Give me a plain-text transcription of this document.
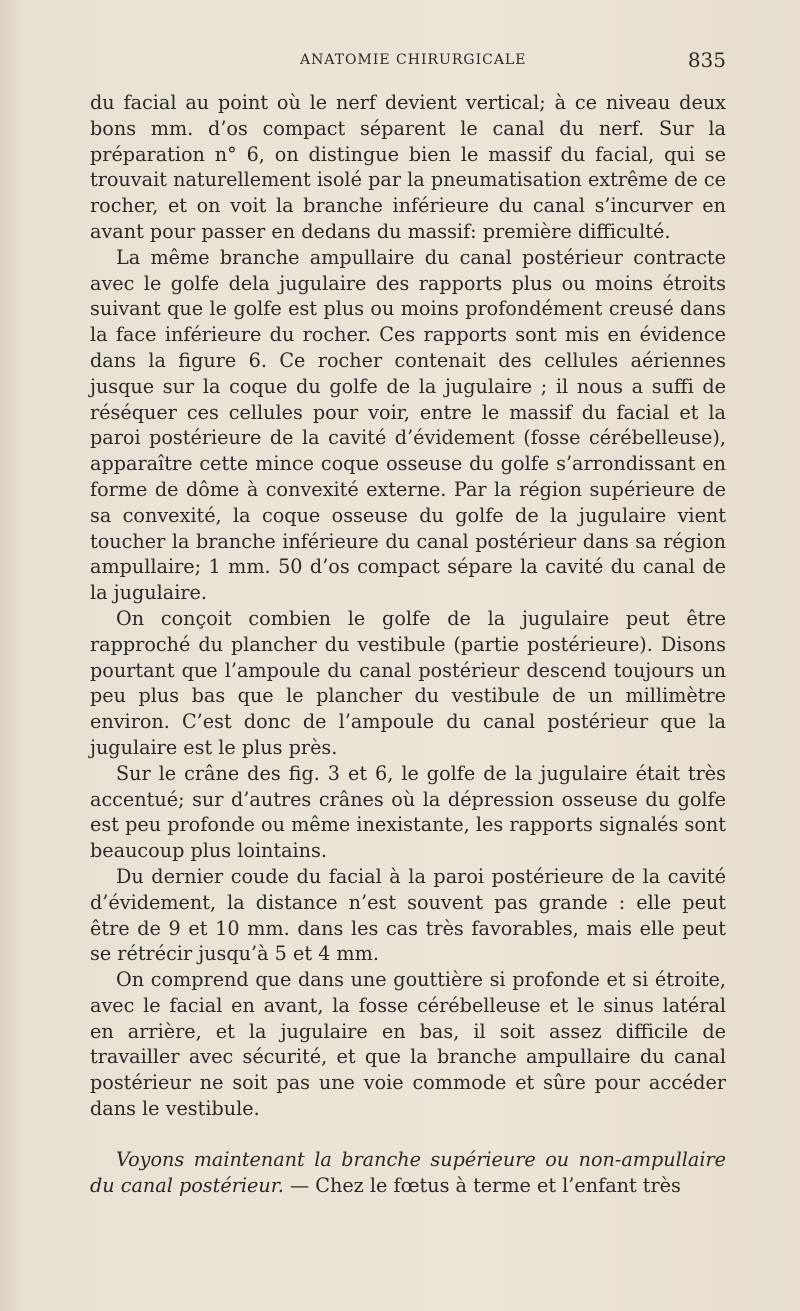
ANATOMIE CHIRURGICALE	835

du facial au point où le nerf devient vertical; à ce niveau deux bons mm. d’os compact séparent le canal du nerf. Sur la préparation n° 6, on distingue bien le massif du facial, qui se trouvait naturellement isolé par la pneumatisation extrême de ce rocher, et on voit la branche inférieure du canal s’incurver en avant pour passer en dedans du massif: première difficulté.

La même branche ampullaire du canal postérieur contracte avec le golfe dela jugulaire des rapports plus ou moins étroits suivant que le golfe est plus ou moins profondément creusé dans la face inférieure du rocher. Ces rapports sont mis en évidence dans la figure 6. Ce rocher contenait des cellules aériennes jusque sur la coque du golfe de la jugulaire ; il nous a suffi de réséquer ces cellules pour voir, entre le massif du facial et la paroi postérieure de la cavité d’évidement (fosse cérébelleuse), apparaître cette mince coque osseuse du golfe s’arrondissant en forme de dôme à convexité externe. Par la région supérieure de sa convexité, la coque osseuse du golfe de la jugulaire vient toucher la branche inférieure du canal postérieur dans sa région ampullaire; 1 mm. 50 d’os compact sépare la cavité du canal de la jugulaire.

On conçoit combien le golfe de la jugulaire peut être rapproché du plancher du vestibule (partie postérieure). Disons pourtant que l’ampoule du canal postérieur descend toujours un peu plus bas que le plancher du vestibule de un millimètre environ. C’est donc de l’ampoule du canal postérieur que la jugulaire est le plus près.

Sur le crâne des fig. 3 et 6, le golfe de la jugulaire était très accentué; sur d’autres crânes où la dépression osseuse du golfe est peu profonde ou même inexistante, les rapports signalés sont beaucoup plus lointains.

Du dernier coude du facial à la paroi postérieure de la cavité d’évidement, la distance n’est souvent pas grande : elle peut être de 9 et 10 mm. dans les cas très favorables, mais elle peut se rétrécir jusqu’à 5 et 4 mm.

On comprend que dans une gouttière si profonde et si étroite, avec le facial en avant, la fosse cérébelleuse et le sinus latéral en arrière, et la jugulaire en bas, il soit assez difficile de travailler avec sécurité, et que la branche ampullaire du canal postérieur ne soit pas une voie commode et sûre pour accéder dans le vestibule.

Voyons maintenant la branche supérieure ou non-ampullaire du canal postérieur. — Chez le fœtus à terme et l’enfant très
